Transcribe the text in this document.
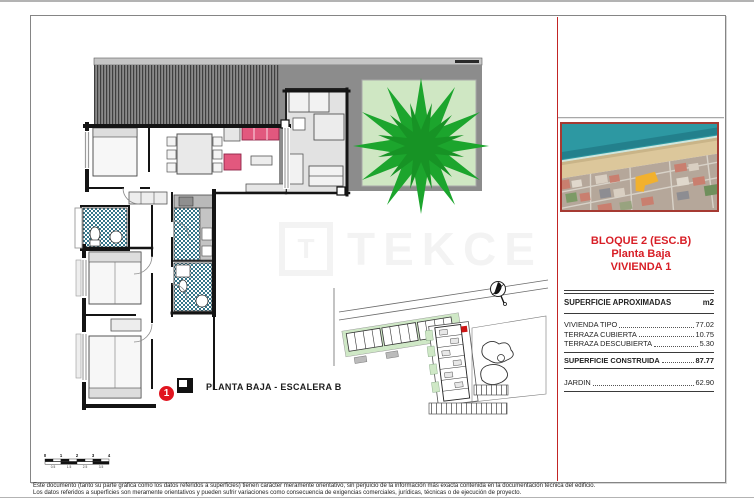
T TEKCE
0	1	2	3	4
0.5	1.5	2.5	3.5
1
PLANTA BAJA - ESCALERA B
BLOQUE 2 (ESC.B)
Planta Baja
VIVIENDA 1
SUPERFICIE APROXIMADAS	m2
VIVIENDA TIPO	77.02
TERRAZA CUBIERTA	10.75
TERRAZA DESCUBIERTA	5.30
SUPERFICIE CONSTRUIDA	87.77
JARDIN	62.90
Este documento (tanto su parte gráfica como los datos referidos a superficies) tienen carácter meramente orientativo, sin perjuicio de la información más exacta contenida en la documentación técnica del edificio.
Los datos referidos a superficies son meramente orientativos y pueden sufrir variaciones como consecuencia de exigencias comerciales, jurídicas, técnicas o de ejecución de proyecto.
